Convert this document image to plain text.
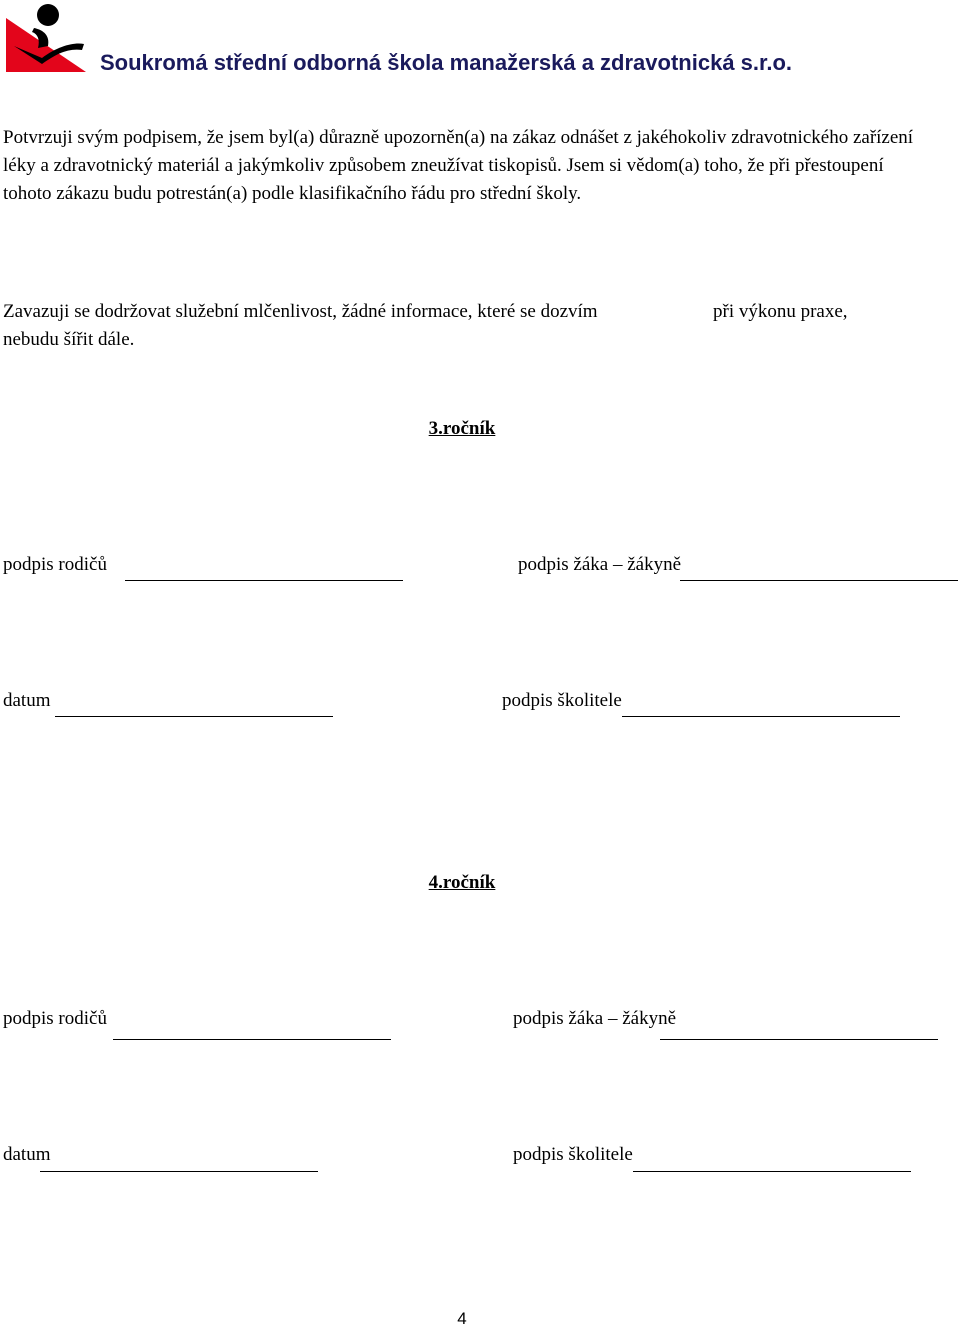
Soukromá střední odborná škola manažerská a zdravotnická s.r.o.

Potvrzuji svým podpisem, že jsem byl(a) důrazně upozorněn(a) na zákaz odnášet z jakéhokoliv zdravotnického zařízení léky a zdravotnický materiál a jakýmkoliv způsobem zneužívat tiskopisů. Jsem si vědom(a) toho, že při přestoupení tohoto zákazu budu potrestán(a) podle klasifikačního řádu pro střední školy.

Zavazuji se dodržovat služební mlčenlivost, žádné informace, které se dozvím	při výkonu praxe,
nebudu šířit dále.
3.ročník
podpis rodičů	podpis žáka – žákyně
datum	podpis školitele
4.ročník
podpis rodičů	podpis žáka – žákyně
datum	podpis školitele
4
